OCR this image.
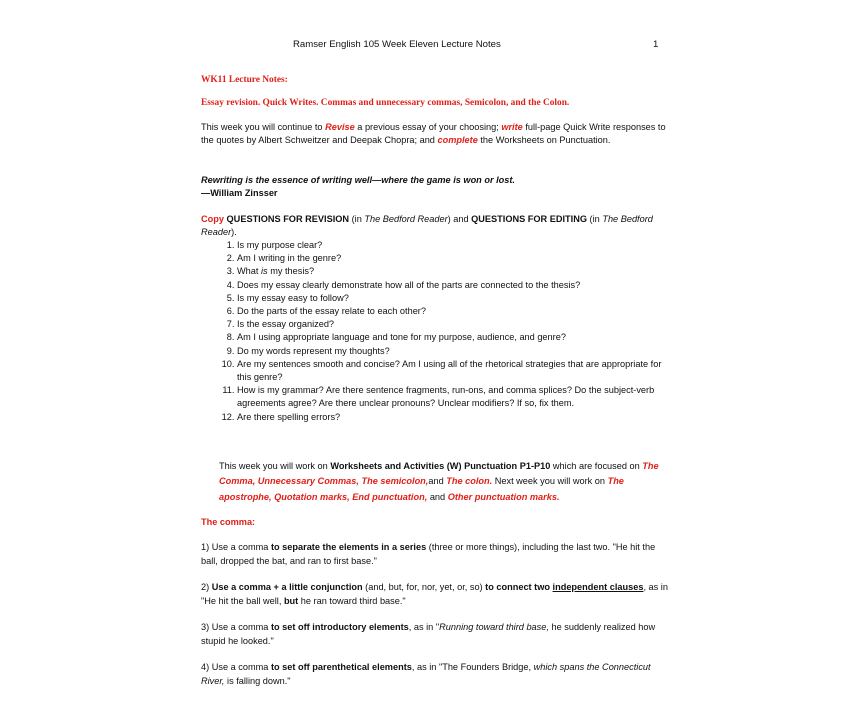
Ramser English 105 Week Eleven Lecture Notes	1

WK11 Lecture Notes:

Essay revision. Quick Writes. Commas and unnecessary commas, Semicolon, and the Colon.

This week you will continue to Revise a previous essay of your choosing; write full-page Quick Write responses to the quotes by Albert Schweitzer and Deepak Chopra; and complete the Worksheets on Punctuation.

Rewriting is the essence of writing well—where the game is won or lost.

—William Zinsser

Copy QUESTIONS FOR REVISION (in The Bedford Reader) and QUESTIONS FOR EDITING (in The Bedford Reader).

1. Is my purpose clear?
2. Am I writing in the genre?
3. What is my thesis?
4. Does my essay clearly demonstrate how all of the parts are connected to the thesis?
5. Is my essay easy to follow?
6. Do the parts of the essay relate to each other?
7. Is the essay organized?
8. Am I using appropriate language and tone for my purpose, audience, and genre?
9. Do my words represent my thoughts?
10. Are my sentences smooth and concise? Am I using all of the rhetorical strategies that are appropriate for this genre?
11. How is my grammar? Are there sentence fragments, run-ons, and comma splices? Do the subject-verb agreements agree? Are there unclear pronouns? Unclear modifiers? If so, fix them.
12. Are there spelling errors?

This week you will work on Worksheets and Activities (W) Punctuation P1-P10 which are focused on The Comma, Unnecessary Commas, The semicolon,and The colon. Next week you will work on The apostrophe, Quotation marks, End punctuation, and Other punctuation marks.

The comma:

1) Use a comma to separate the elements in a series (three or more things), including the last two. "He hit the ball, dropped the bat, and ran to first base."

2) Use a comma + a little conjunction (and, but, for, nor, yet, or, so) to connect two independent clauses, as in "He hit the ball well, but he ran toward third base."

3) Use a comma to set off introductory elements, as in "Running toward third base, he suddenly realized how stupid he looked."

4) Use a comma to set off parenthetical elements, as in "The Founders Bridge, which spans the Connecticut River, is falling down."
